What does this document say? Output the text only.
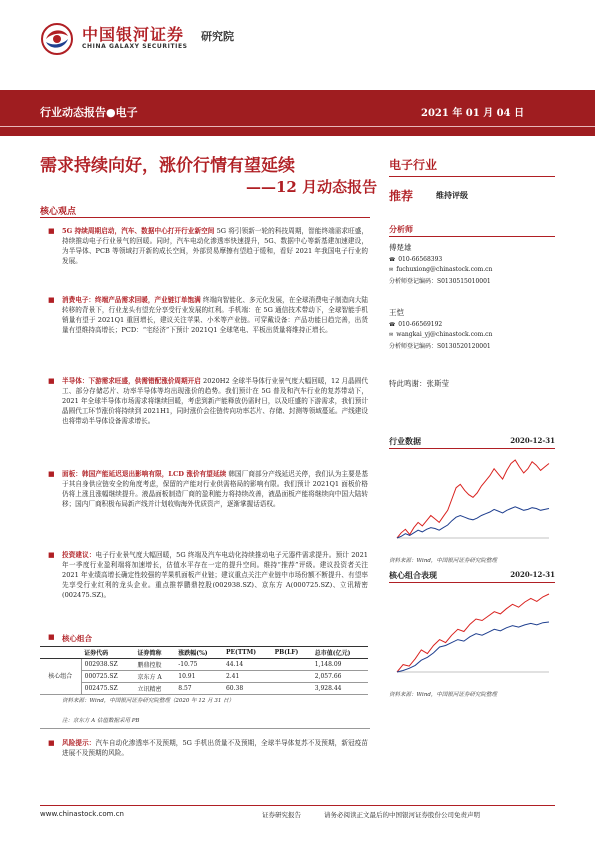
中国银河证券 研究院
CHINA GALAXY SECURITIES
行业动态报告●电子	2021 年 01 月 04 日
需求持续向好，涨价行情有望延续
——12 月动态报告
电子行业
推荐	维持评级
核心观点
■ 5G 持续周期启动，汽车、数据中心打开行业新空间 5G 将引领新一轮的科技周期，智能终端需求旺盛，持续推动电子行业景气的回暖。同时，汽车电动化渗透率快速提升，5G、数据中心等新基建加速建设，为半导体、PCB 等领域打开新的成长空间，外部贸易摩擦有望趋于缓和，看好 2021 年我国电子行业的发展。
■ 消费电子：终端产品需求回暖，产业链订单饱满 终端向智能化、多元化发展，在全球消费电子制造向大陆转移的背景下，行业龙头有望充分享受行业发展的红利。手机端：在 5G 通信技术带动下，全球智能手机销量有望于 2021Q1 重回增长，建议关注苹果、小米等产业链。可穿戴设备：产品功能日趋完善，出货量有望维持高增长；PCD：“宅经济”下预计 2021Q1 全球笔电、平板出货量将维持正增长。
■ 半导体：下游需求旺盛，供需错配涨价周期开启 2020H2 全球半导体行业景气度大幅回暖，12 月晶圆代工、部分存储芯片、功率半导体等均出现涨价的趋势。我们预计在 5G 普及和汽车行业的复苏带动下，2021 年全球半导体市场需求将继续回暖，考虑到新产能释放仍需时日，以及旺盛的下游需求，我们预计晶圆代工环节涨价将持续到 2021H1，同时涨价会往链传向功率芯片、存储、封测等领域蔓延。产线建设也将带动半导体设备需求增长。
■ 面板：韩国产能延迟退出影响有限，LCD 涨价有望延续 韩国厂商部分产线延迟关停，我们认为主要是基于其自身供应链安全的角度考虑，保留的产能对行业供需格局的影响有限。我们预计 2021Q1 面板价格仍将上涨且涨幅继续提升。液晶面板制造厂商的盈利能力将持续改善，液晶面板产能将继续向中国大陆转移；国内厂商积极布局新产线并计划收购海外优质资产，逐渐掌握话语权。
■ 投资建议：电子行业景气度大幅回暖，5G 终端及汽车电动化持续推动电子元器件需求提升。预计 2021 年一季度行业盈利端将加速增长，估值水平存在一定的提升空间。维持“推荐”评级。建议投资者关注 2021 年业绩高增长确定性较强的苹果机面板产业链；建议重点关注产业链中市场份额不断提升、有望率先享受行业红利的龙头企业。重点推荐鹏鼎控股(002938.SZ)、京东方 A(000725.SZ)、立讯精密(002475.SZ)。
■ 核心组合
	证券代码	证券简称	涨跌幅(%)	PE(TTM)	PB(LF)	总市值(亿元)
核心组合	002938.SZ	鹏鼎控股	-10.75	44.14		1,148.09
	000725.SZ	京东方 A	10.91	2.41		2,057.66
	002475.SZ	立讯精密	8.57	60.38		3,928.44
资料来源：Wind，中国银河证券研究院整理（2020 年 12 月 31 日）
注：京东方 A 估值数据采用 PB
■ 风险提示：汽车自动化渗透率不及预期，5G 手机出货量不及预期，全球半导体复苏不及预期，新冠疫苗进展不及预期的风险。
分析师
傅楚雄
☎ 010-66568393
✉ fuchuxiong@chinastock.com.cn
分析师登记编码：S0130515010001
王恺
☎ 010-66569192
✉ wangkai_yj@chinastock.com.cn
分析师登记编码：S0130520120001
特此鸣谢：张斯莹
行业数据	2020-12-31
资料来源：Wind，中国银河证券研究院整理
核心组合表现	2020-12-31
资料来源：Wind，中国银河证券研究院整理
www.chinastock.com.cn	证券研究报告	请务必阅读正文最后的中国银河证券股份公司免责声明
